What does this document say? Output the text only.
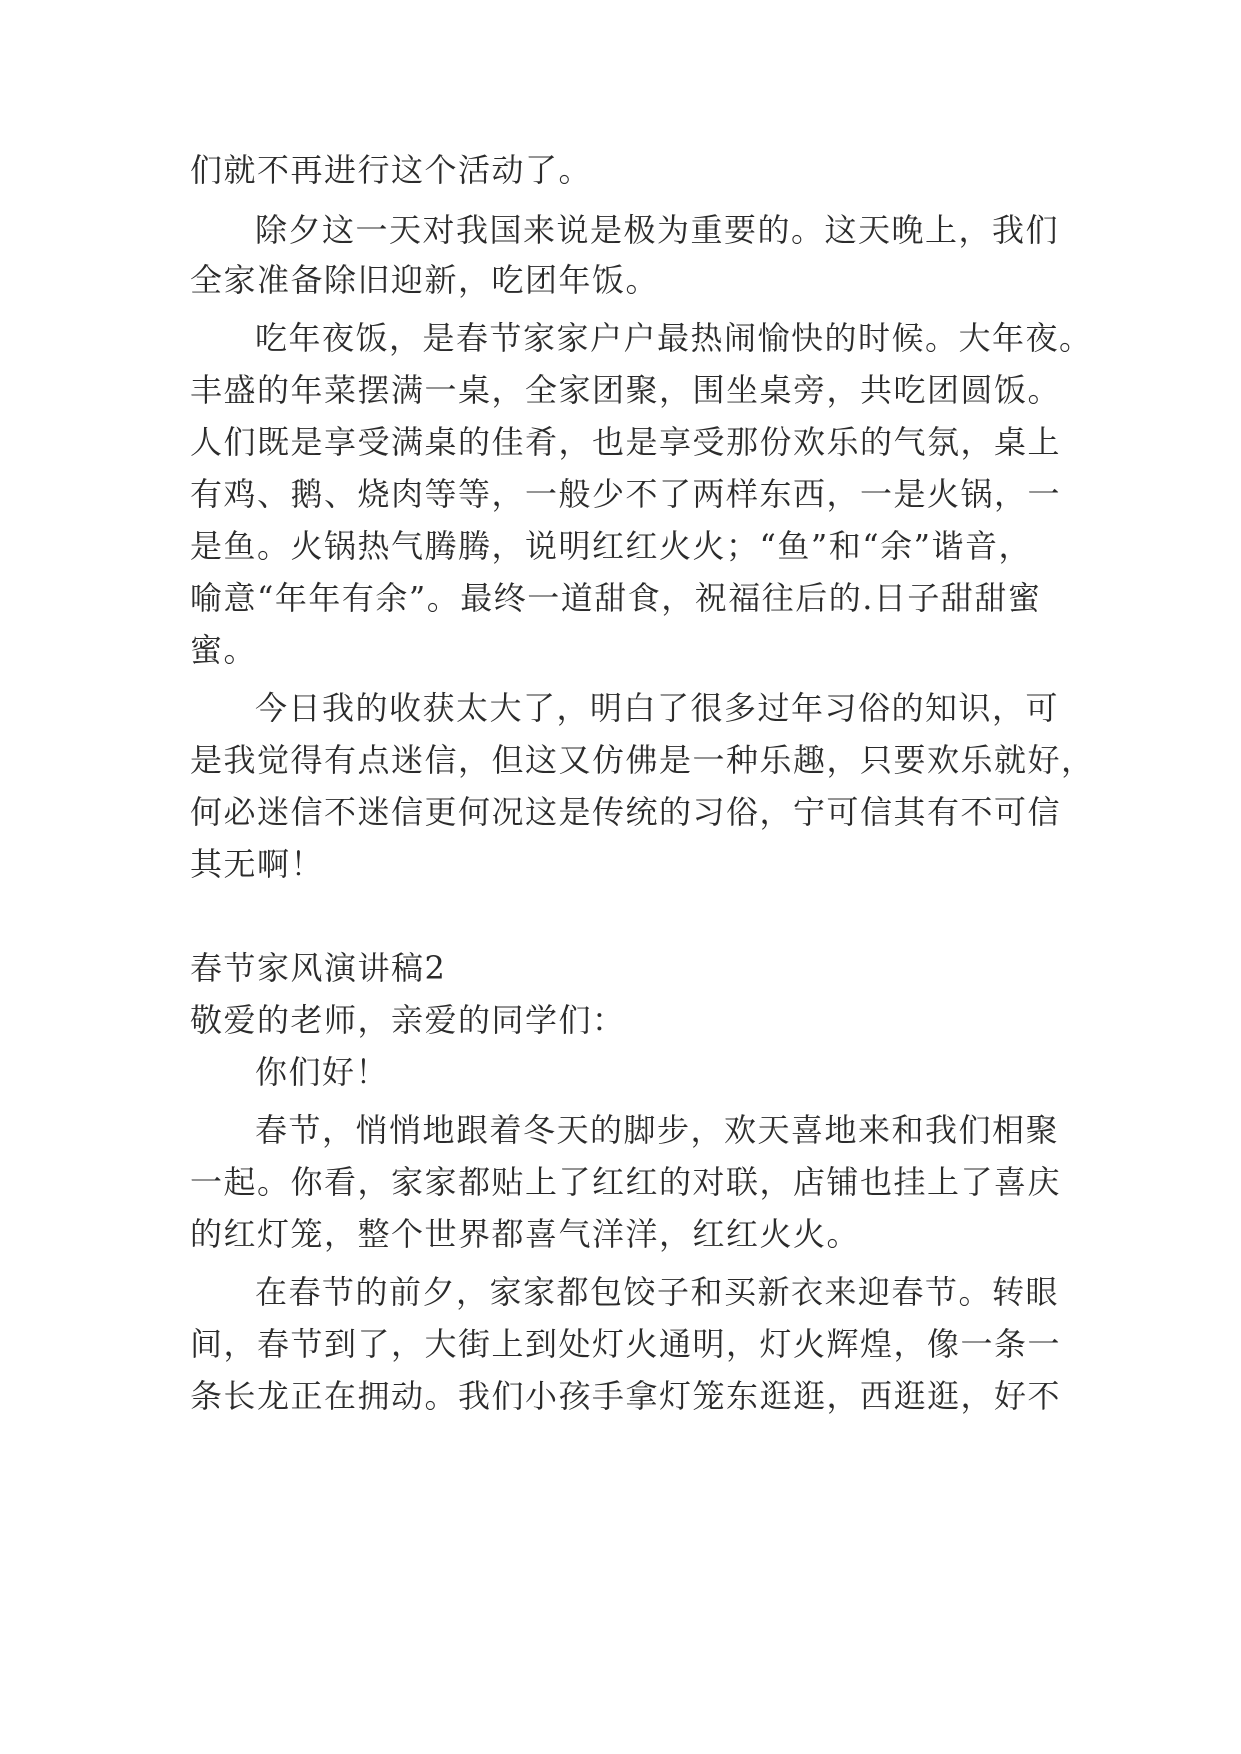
们就不再进行这个活动了。
除夕这一天对我国来说是极为重要的。这天晚上，我们
全家准备除旧迎新，吃团年饭。
吃年夜饭，是春节家家户户最热闹愉快的时候。大年夜。
丰盛的年菜摆满一桌，全家团聚，围坐桌旁，共吃团圆饭。
人们既是享受满桌的佳肴，也是享受那份欢乐的气氛，桌上
有鸡、鹅、烧肉等等，一般少不了两样东西，一是火锅，一
是鱼。火锅热气腾腾，说明红红火火；“鱼”和“余”谐音，
喻意“年年有余”。最终一道甜食，祝福往后的.日子甜甜蜜
蜜。
今日我的收获太大了，明白了很多过年习俗的知识，可
是我觉得有点迷信，但这又仿佛是一种乐趣，只要欢乐就好，
何必迷信不迷信更何况这是传统的习俗，宁可信其有不可信
其无啊！
春节家风演讲稿2
敬爱的老师，亲爱的同学们：
你们好！
春节，悄悄地跟着冬天的脚步，欢天喜地来和我们相聚
一起。你看，家家都贴上了红红的对联，店铺也挂上了喜庆
的红灯笼，整个世界都喜气洋洋，红红火火。
在春节的前夕，家家都包饺子和买新衣来迎春节。转眼
间，春节到了，大街上到处灯火通明，灯火辉煌，像一条一
条长龙正在拥动。我们小孩手拿灯笼东逛逛，西逛逛，好不
